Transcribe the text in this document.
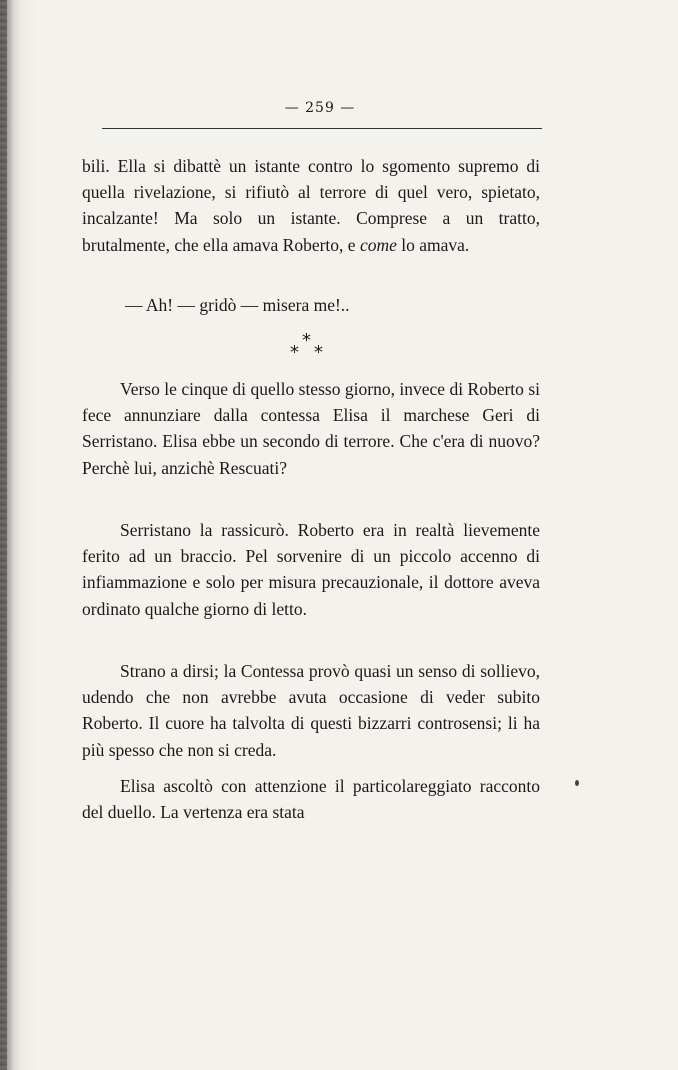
— 259 —

bili. Ella si dibattè un istante contro lo sgomento supremo di quella rivelazione, si rifiutò al terrore di quel vero, spietato, incalzante! Ma solo un istante. Comprese a un tratto, brutalmente, che ella amava Roberto, e come lo amava.

— Ah! — gridò — misera me!..
*
* *

Verso le cinque di quello stesso giorno, invece di Roberto si fece annunziare dalla contessa Elisa il marchese Geri di Serristano. Elisa ebbe un secondo di terrore. Che c'era di nuovo? Perchè lui, anzichè Rescuati?

Serristano la rassicurò. Roberto era in realtà lievemente ferito ad un braccio. Pel sorvenire di un piccolo accenno di infiammazione e solo per misura precauzionale, il dottore aveva ordinato qualche giorno di letto.

Strano a dirsi; la Contessa provò quasi un senso di sollievo, udendo che non avrebbe avuta occasione di veder subito Roberto. Il cuore ha talvolta di questi bizzarri controsensi; li ha più spesso che non si creda.

Elisa ascoltò con attenzione il particolareggiato racconto del duello. La vertenza era stata
